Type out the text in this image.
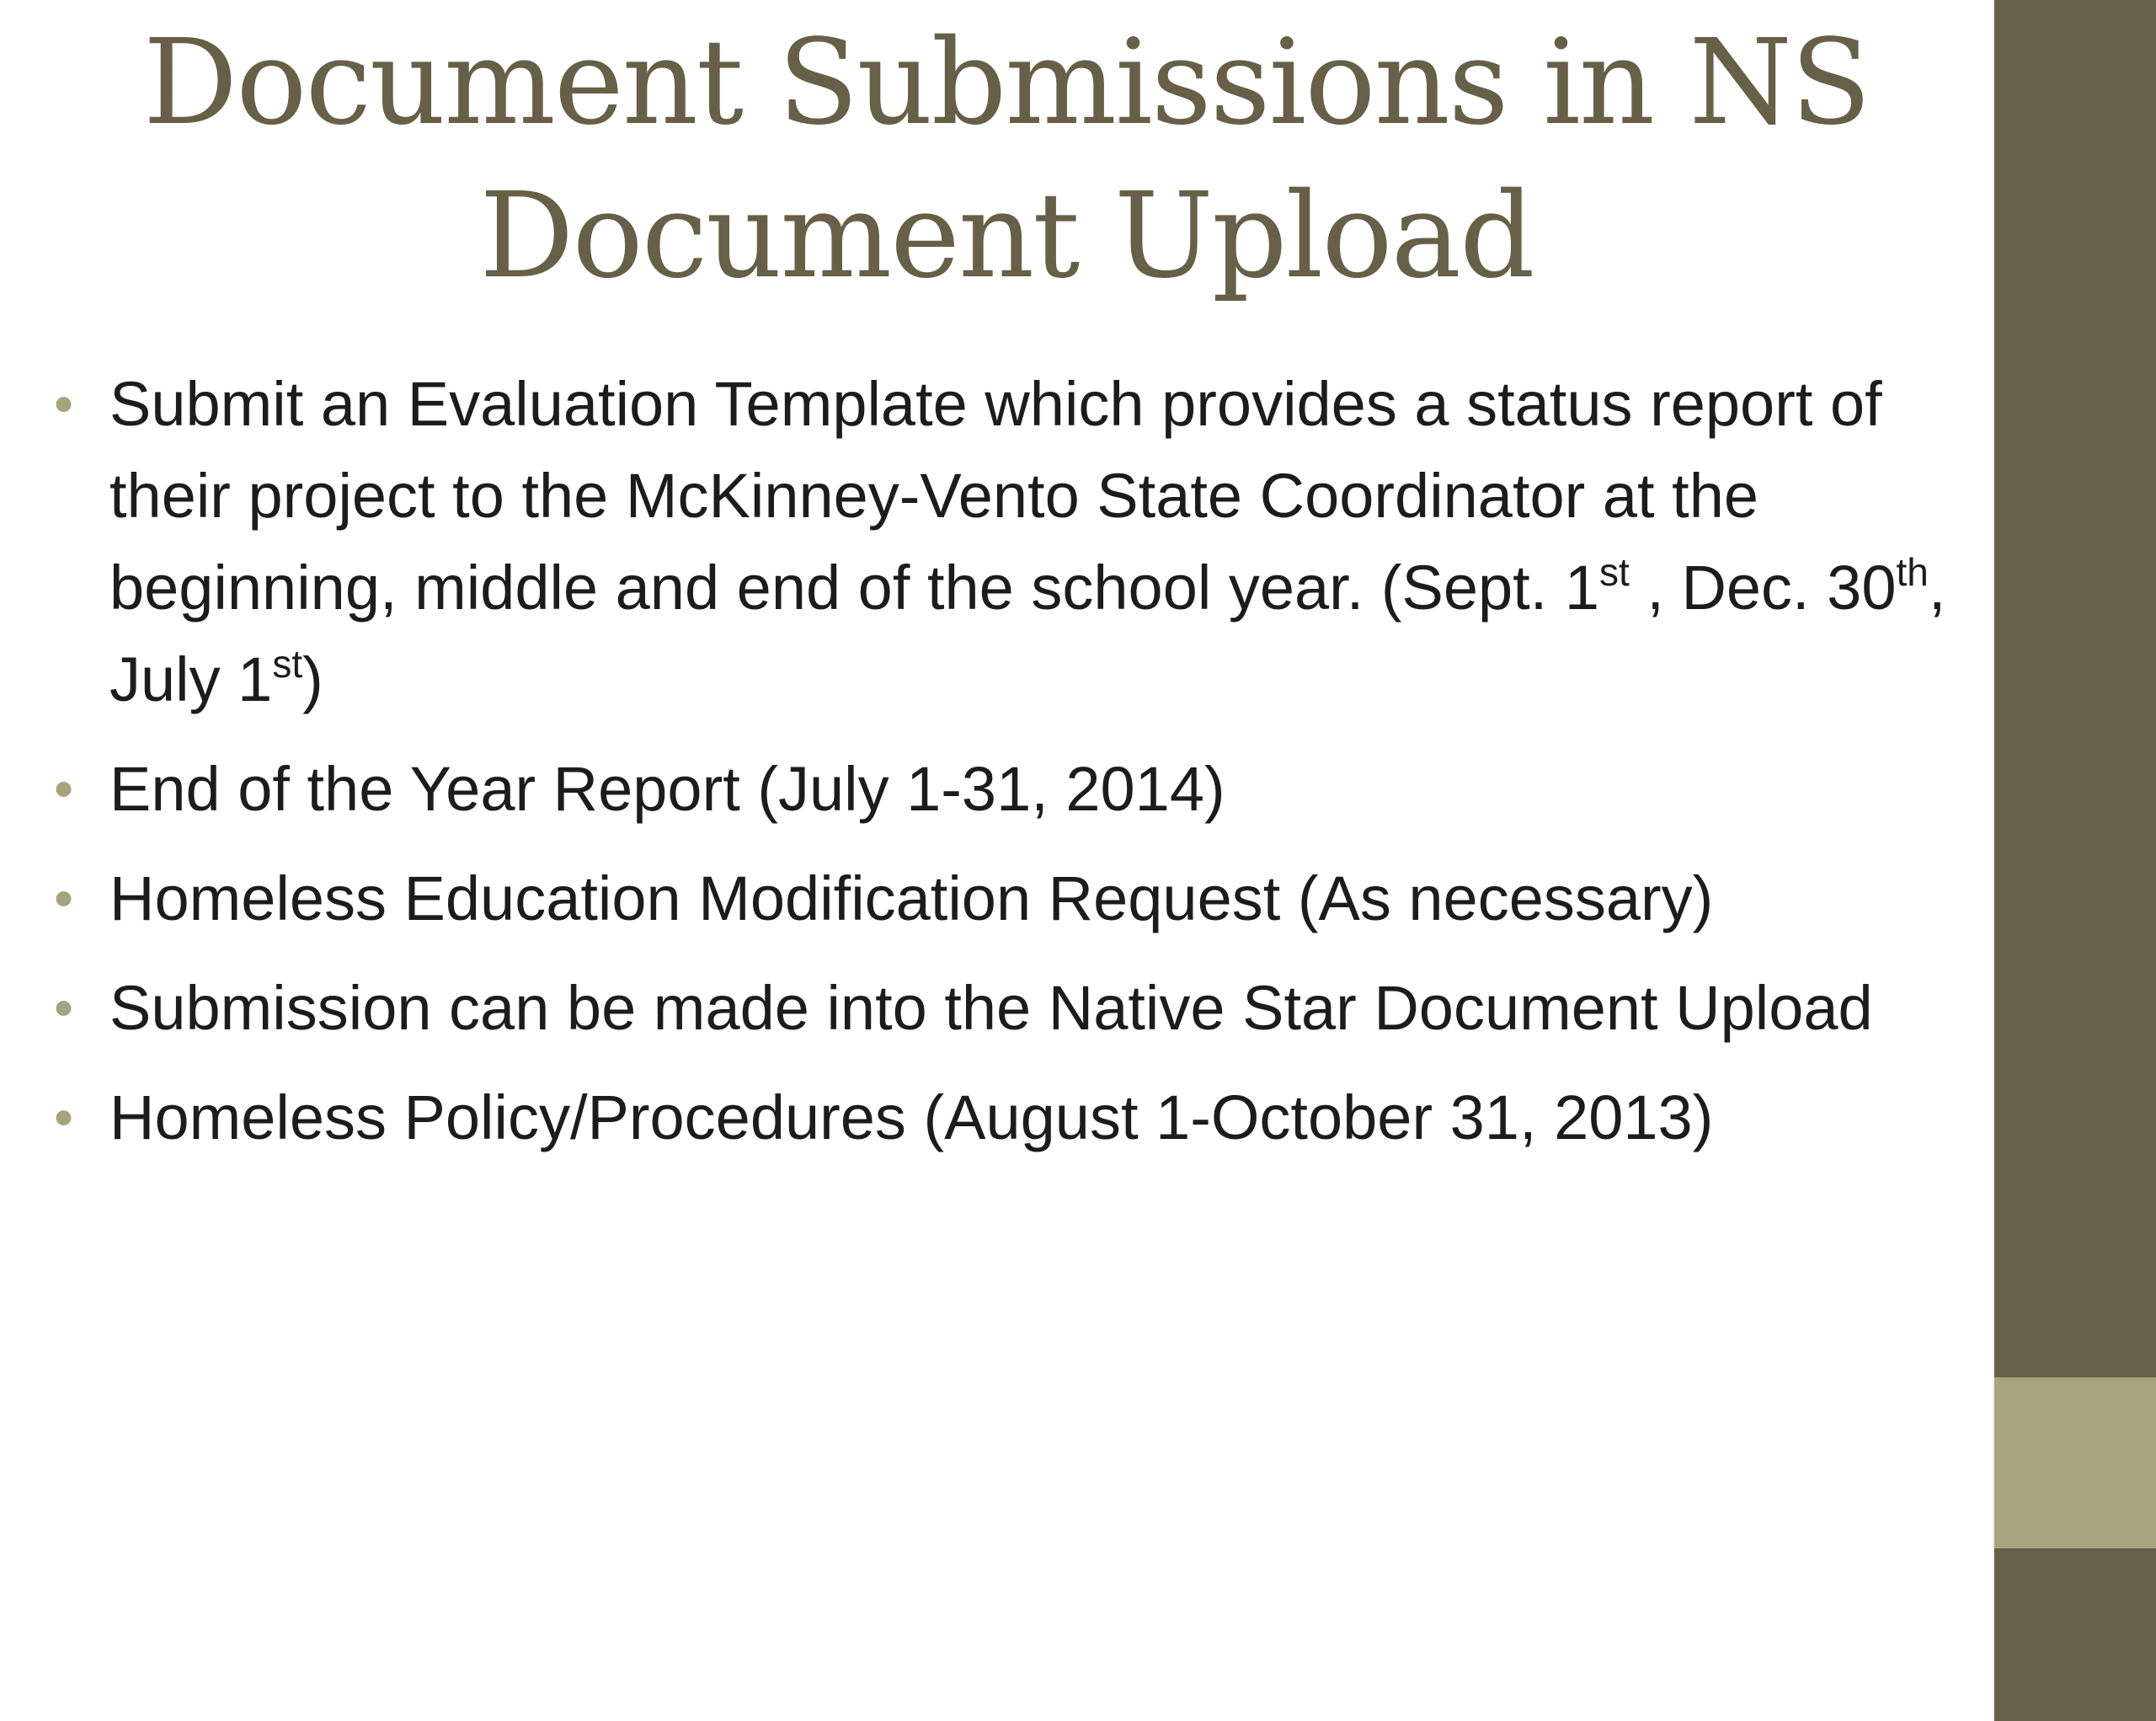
Document Submissions in NS
Document Upload
• Submit an Evaluation Template which provides a status report of their project to the McKinney-Vento State Coordinator at the beginning, middle and end of the school year. (Sept. 1st , Dec. 30th, July 1st)
• End of the Year Report (July 1-31, 2014)
• Homeless Education Modification Request (As necessary)
• Submission can be made into the Native Star Document Upload
• Homeless Policy/Procedures (August 1-October 31, 2013)
